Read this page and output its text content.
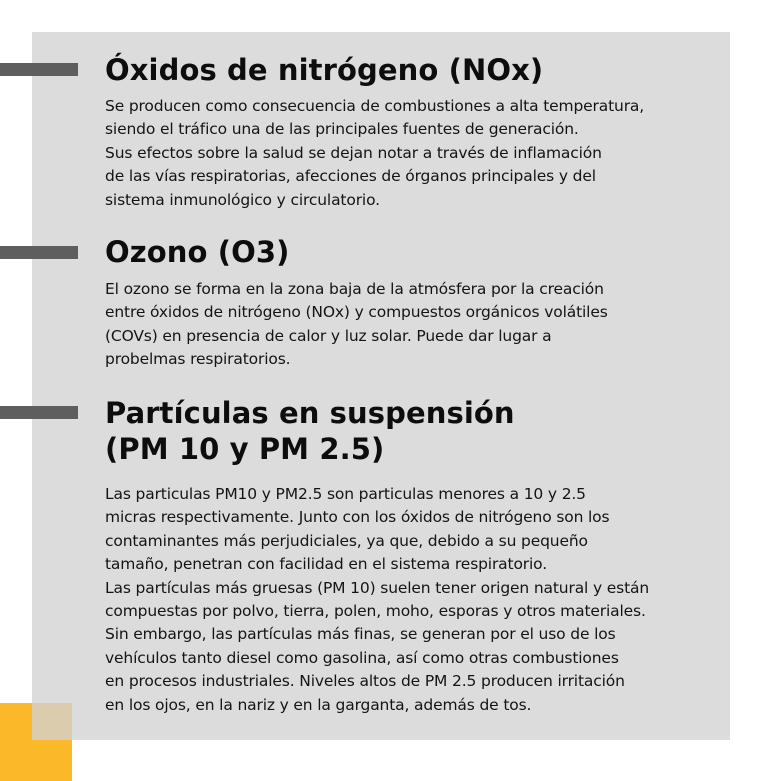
Óxidos de nitrógeno (NOx)

Se producen como consecuencia de combustiones a alta temperatura,
siendo el tráfico una de las principales fuentes de generación.
Sus efectos sobre la salud se dejan notar a través de inflamación
de las vías respiratorias, afecciones de órganos principales y del
sistema inmunológico y circulatorio.

Ozono (O3)

El ozono se forma en la zona baja de la atmósfera por la creación
entre óxidos de nitrógeno (NOx) y compuestos orgánicos volátiles
(COVs) en presencia de calor y luz solar. Puede dar lugar a
probelmas respiratorios.

Partículas en suspensión
(PM 10 y PM 2.5)

Las particulas PM10 y PM2.5 son particulas menores a 10 y 2.5
micras respectivamente. Junto con los óxidos de nitrógeno son los
contaminantes más perjudiciales, ya que, debido a su pequeño
tamaño, penetran con facilidad en el sistema respiratorio.
Las partículas más gruesas (PM 10) suelen tener origen natural y están
compuestas por polvo, tierra, polen, moho, esporas y otros materiales.
Sin embargo, las partículas más finas, se generan por el uso de los
vehículos tanto diesel como gasolina, así como otras combustiones
en procesos industriales. Niveles altos de PM 2.5 producen irritación
en los ojos, en la nariz y en la garganta, además de tos.
